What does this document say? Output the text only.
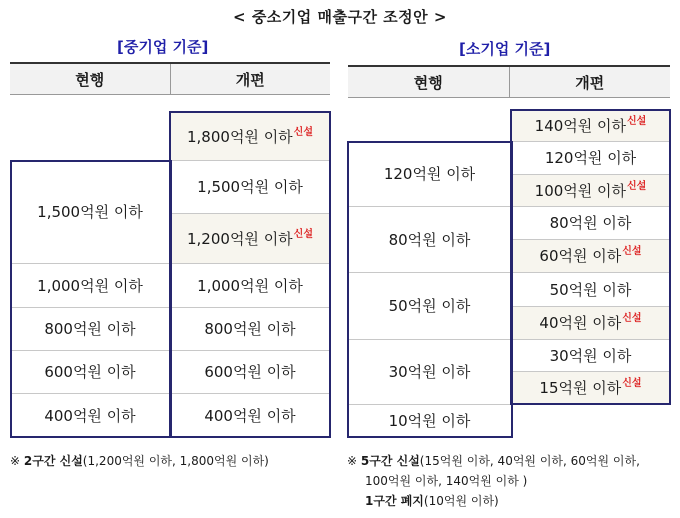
< 중소기업 매출구간 조정안 >
[중기업 기준]
현행	개편
1,500억원 이하
1,000억원 이하
800억원 이하
600억원 이하
400억원 이하
1,800억원 이하 신설
1,500억원 이하
1,200억원 이하 신설
1,000억원 이하
800억원 이하
600억원 이하
400억원 이하
※ 2구간 신설(1,200억원 이하, 1,800억원 이하)
[소기업 기준]
현행	개편
120억원 이하
80억원 이하
50억원 이하
30억원 이하
10억원 이하
140억원 이하 신설
120억원 이하
100억원 이하 신설
80억원 이하
60억원 이하 신설
50억원 이하
40억원 이하 신설
30억원 이하
15억원 이하 신설
※ 5구간 신설(15억원 이하, 40억원 이하, 60억원 이하,
100억원 이하, 140억원 이하 )
1구간 폐지(10억원 이하)
